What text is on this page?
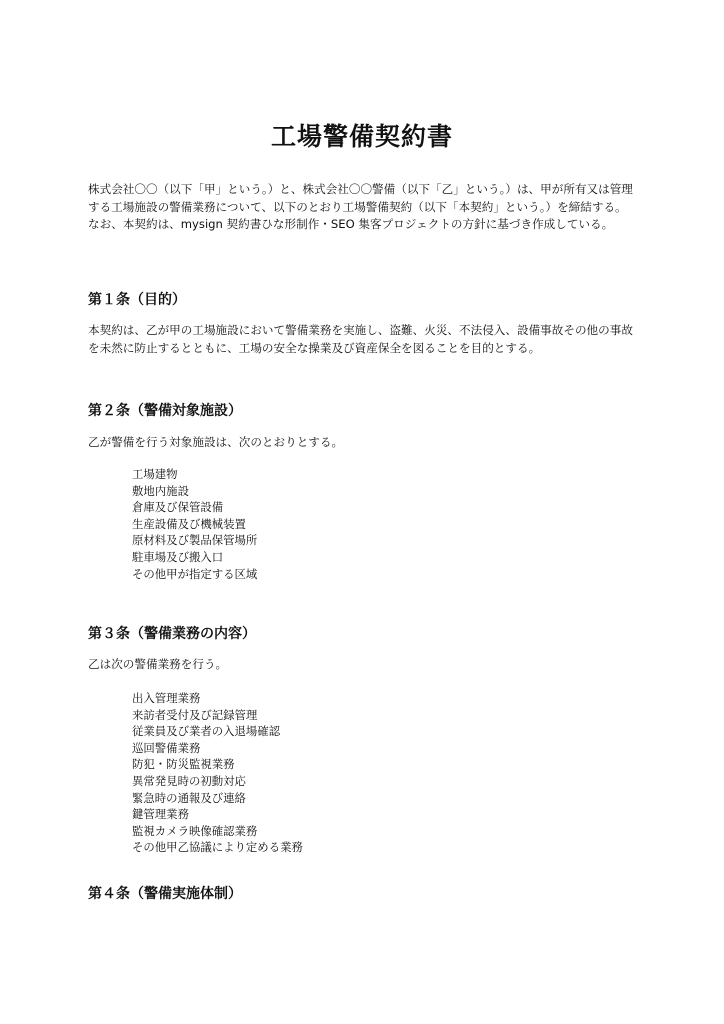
工場警備契約書

株式会社〇〇（以下「甲」という。）と、株式会社〇〇警備（以下「乙」という。）は、甲が所有又は管理する工場施設の警備業務について、以下のとおり工場警備契約（以下「本契約」という。）を締結する。なお、本契約は、mysign 契約書ひな形制作・SEO 集客プロジェクトの方針に基づき作成している。

第１条（目的）

本契約は、乙が甲の工場施設において警備業務を実施し、盗難、火災、不法侵入、設備事故その他の事故を未然に防止するとともに、工場の安全な操業及び資産保全を図ることを目的とする。

第２条（警備対象施設）

乙が警備を行う対象施設は、次のとおりとする。

工場建物
敷地内施設
倉庫及び保管設備
生産設備及び機械装置
原材料及び製品保管場所
駐車場及び搬入口
その他甲が指定する区域
第３条（警備業務の内容）

乙は次の警備業務を行う。

出入管理業務
来訪者受付及び記録管理
従業員及び業者の入退場確認
巡回警備業務
防犯・防災監視業務
異常発見時の初動対応
緊急時の通報及び連絡
鍵管理業務
監視カメラ映像確認業務
その他甲乙協議により定める業務
第４条（警備実施体制）
